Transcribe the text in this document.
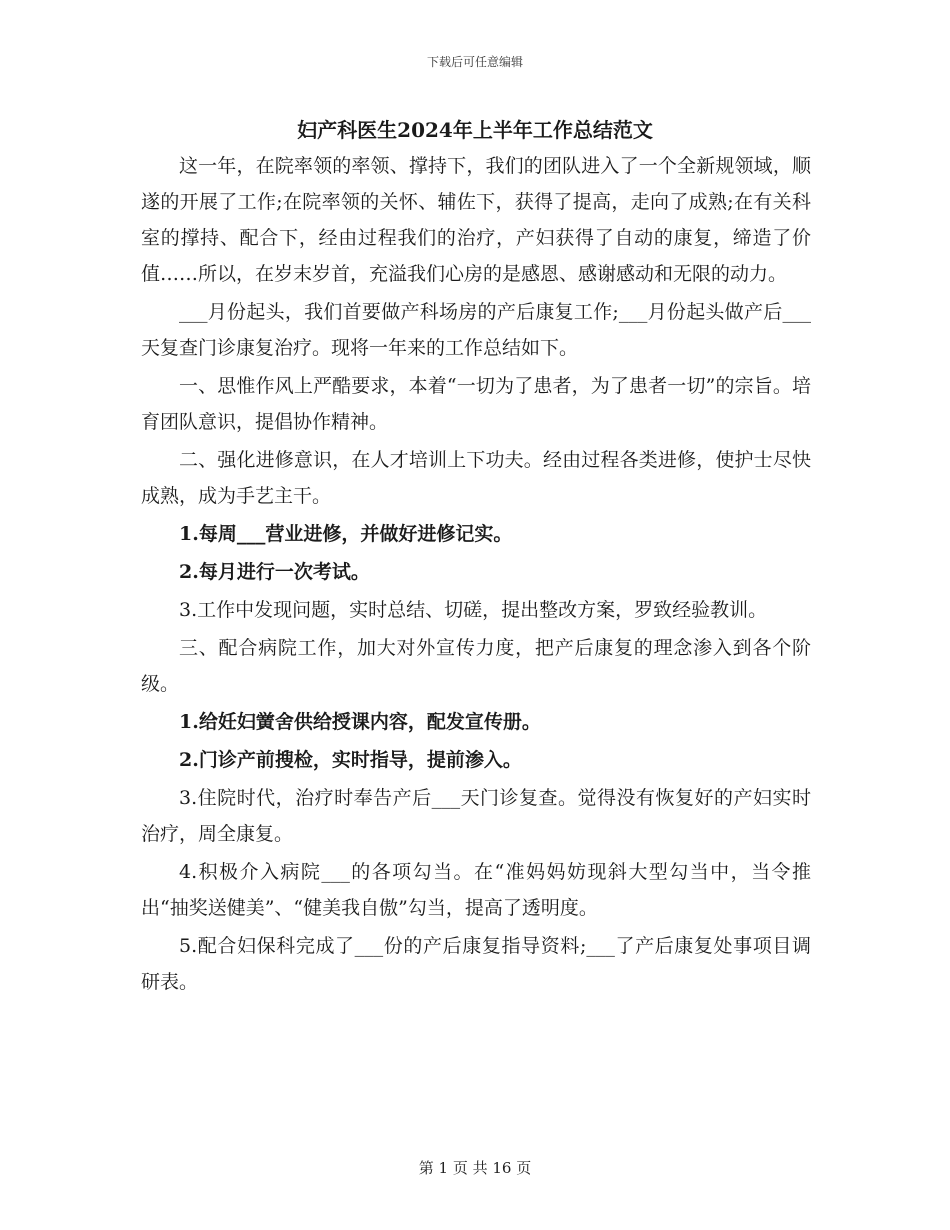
下载后可任意编辑
妇产科医生2024年上半年工作总结范文

这一年，在院率领的率领、撑持下，我们的团队进入了一个全新规领域，顺遂的开展了工作;在院率领的关怀、辅佐下，获得了提高，走向了成熟;在有关科室的撑持、配合下，经由过程我们的治疗，产妇获得了自动的康复，缔造了价值……所以，在岁末岁首，充溢我们心房的是感恩、感谢感动和无限的动力。

___月份起头，我们首要做产科场房的产后康复工作;___月份起头做产后___天复查门诊康复治疗。现将一年来的工作总结如下。

一、思惟作风上严酷要求，本着“一切为了患者，为了患者一切”的宗旨。培育团队意识，提倡协作精神。

二、强化进修意识，在人才培训上下功夫。经由过程各类进修，使护士尽快成熟，成为手艺主干。

1.每周___营业进修，并做好进修记实。

2.每月进行一次考试。

3.工作中发现问题，实时总结、切磋，提出整改方案，罗致经验教训。

三、配合病院工作，加大对外宣传力度，把产后康复的理念渗入到各个阶级。

1.给妊妇黉舍供给授课内容，配发宣传册。

2.门诊产前搜检，实时指导，提前渗入。

3.住院时代，治疗时奉告产后___天门诊复查。觉得没有恢复好的产妇实时治疗，周全康复。

4.积极介入病院___的各项勾当。在“准妈妈妨现斜大型勾当中，当令推出“抽奖送健美”、“健美我自傲”勾当，提高了透明度。

5.配合妇保科完成了___份的产后康复指导资料;___了产后康复处事项目调研表。

第 1 页 共 16 页
